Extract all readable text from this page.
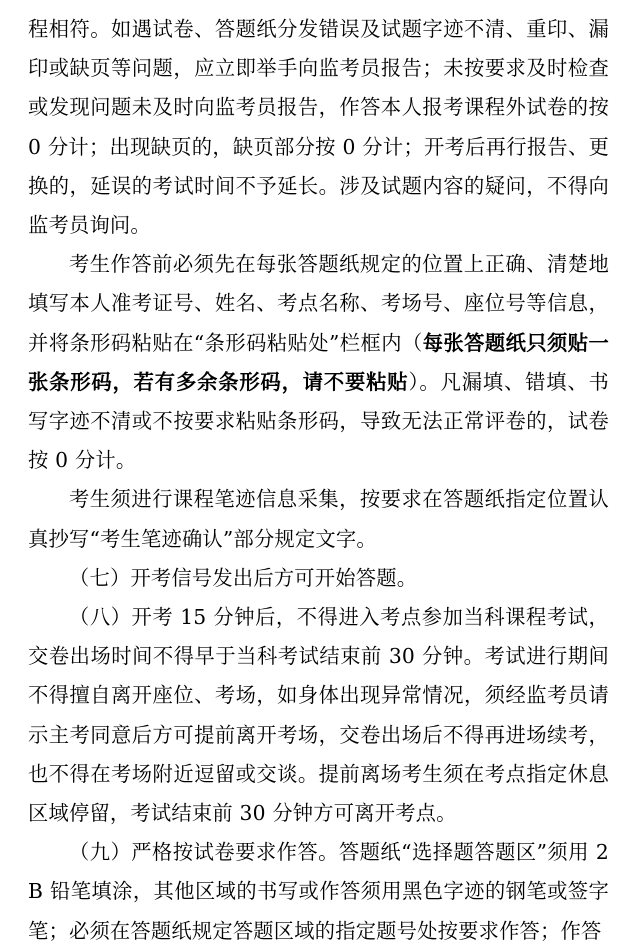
程相符。如遇试卷、答题纸分发错误及试题字迹不清、重印、漏印或缺页等问题，应立即举手向监考员报告；未按要求及时检查或发现问题未及时向监考员报告，作答本人报考课程外试卷的按 0 分计；出现缺页的，缺页部分按 0 分计；开考后再行报告、更换的，延误的考试时间不予延长。涉及试题内容的疑问，不得向监考员询问。

考生作答前必须先在每张答题纸规定的位置上正确、清楚地填写本人准考证号、姓名、考点名称、考场号、座位号等信息，并将条形码粘贴在“条形码粘贴处”栏框内（每张答题纸只须贴一张条形码，若有多余条形码，请不要粘贴）。凡漏填、错填、书写字迹不清或不按要求粘贴条形码，导致无法正常评卷的，试卷按 0 分计。

考生须进行课程笔迹信息采集，按要求在答题纸指定位置认真抄写“考生笔迹确认”部分规定文字。

（七）开考信号发出后方可开始答题。

（八）开考 15 分钟后，不得进入考点参加当科课程考试，交卷出场时间不得早于当科考试结束前 30 分钟。考试进行期间不得擅自离开座位、考场，如身体出现异常情况，须经监考员请示主考同意后方可提前离开考场，交卷出场后不得再进场续考，也不得在考场附近逗留或交谈。提前离场考生须在考点指定休息区域停留，考试结束前 30 分钟方可离开考点。

（九）严格按试卷要求作答。答题纸“选择题答题区”须用 2B 铅笔填涂，其他区域的书写或作答须用黑色字迹的钢笔或签字笔；必须在答题纸规定答题区域的指定题号处按要求作答；作答
